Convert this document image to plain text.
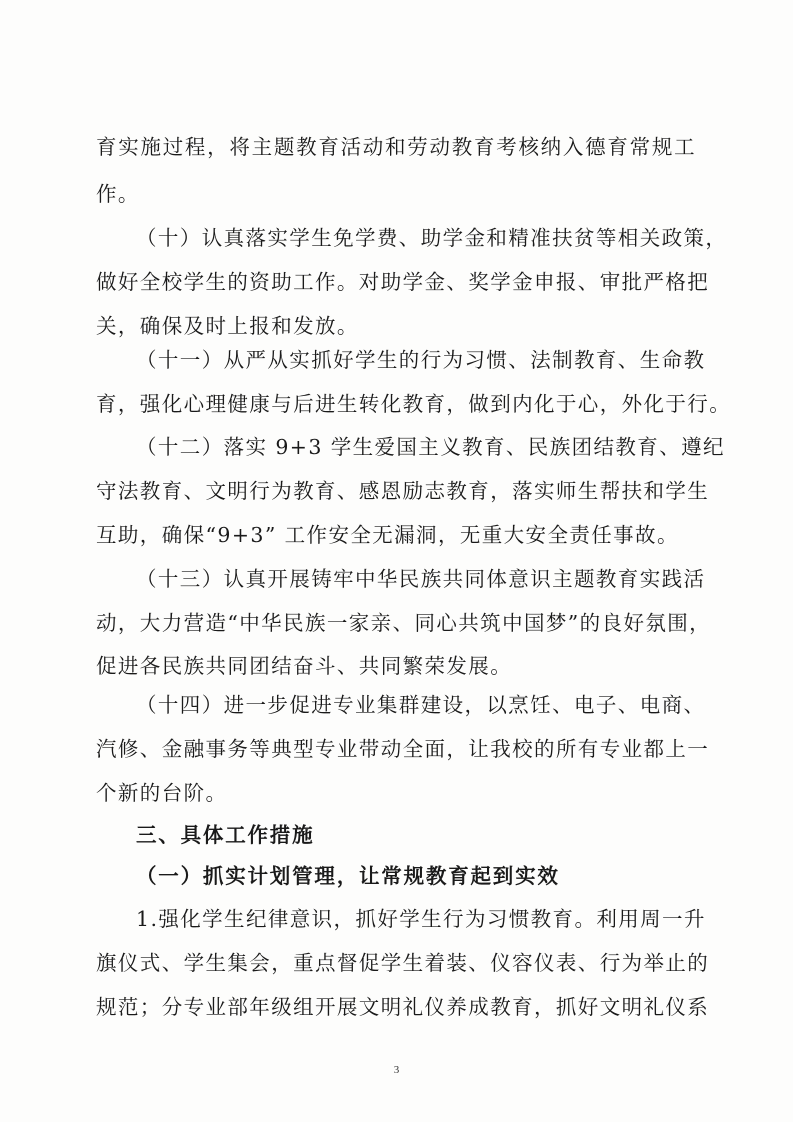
育实施过程，将主题教育活动和劳动教育考核纳入德育常规工
作。
（十）认真落实学生免学费、助学金和精准扶贫等相关政策，
做好全校学生的资助工作。对助学金、奖学金申报、审批严格把
关，确保及时上报和发放。
（十一）从严从实抓好学生的行为习惯、法制教育、生命教
育，强化心理健康与后进生转化教育，做到内化于心，外化于行。
（十二）落实 9+3 学生爱国主义教育、民族团结教育、遵纪
守法教育、文明行为教育、感恩励志教育，落实师生帮扶和学生
互助，确保“9+3” 工作安全无漏洞，无重大安全责任事故。
（十三）认真开展铸牢中华民族共同体意识主题教育实践活
动，大力营造“中华民族一家亲、同心共筑中国梦”的良好氛围，
促进各民族共同团结奋斗、共同繁荣发展。
（十四）进一步促进专业集群建设，以烹饪、电子、电商、
汽修、金融事务等典型专业带动全面，让我校的所有专业都上一
个新的台阶。
三、具体工作措施
（一）抓实计划管理，让常规教育起到实效
1.强化学生纪律意识，抓好学生行为习惯教育。利用周一升
旗仪式、学生集会，重点督促学生着装、仪容仪表、行为举止的
规范；分专业部年级组开展文明礼仪养成教育，抓好文明礼仪系
3
